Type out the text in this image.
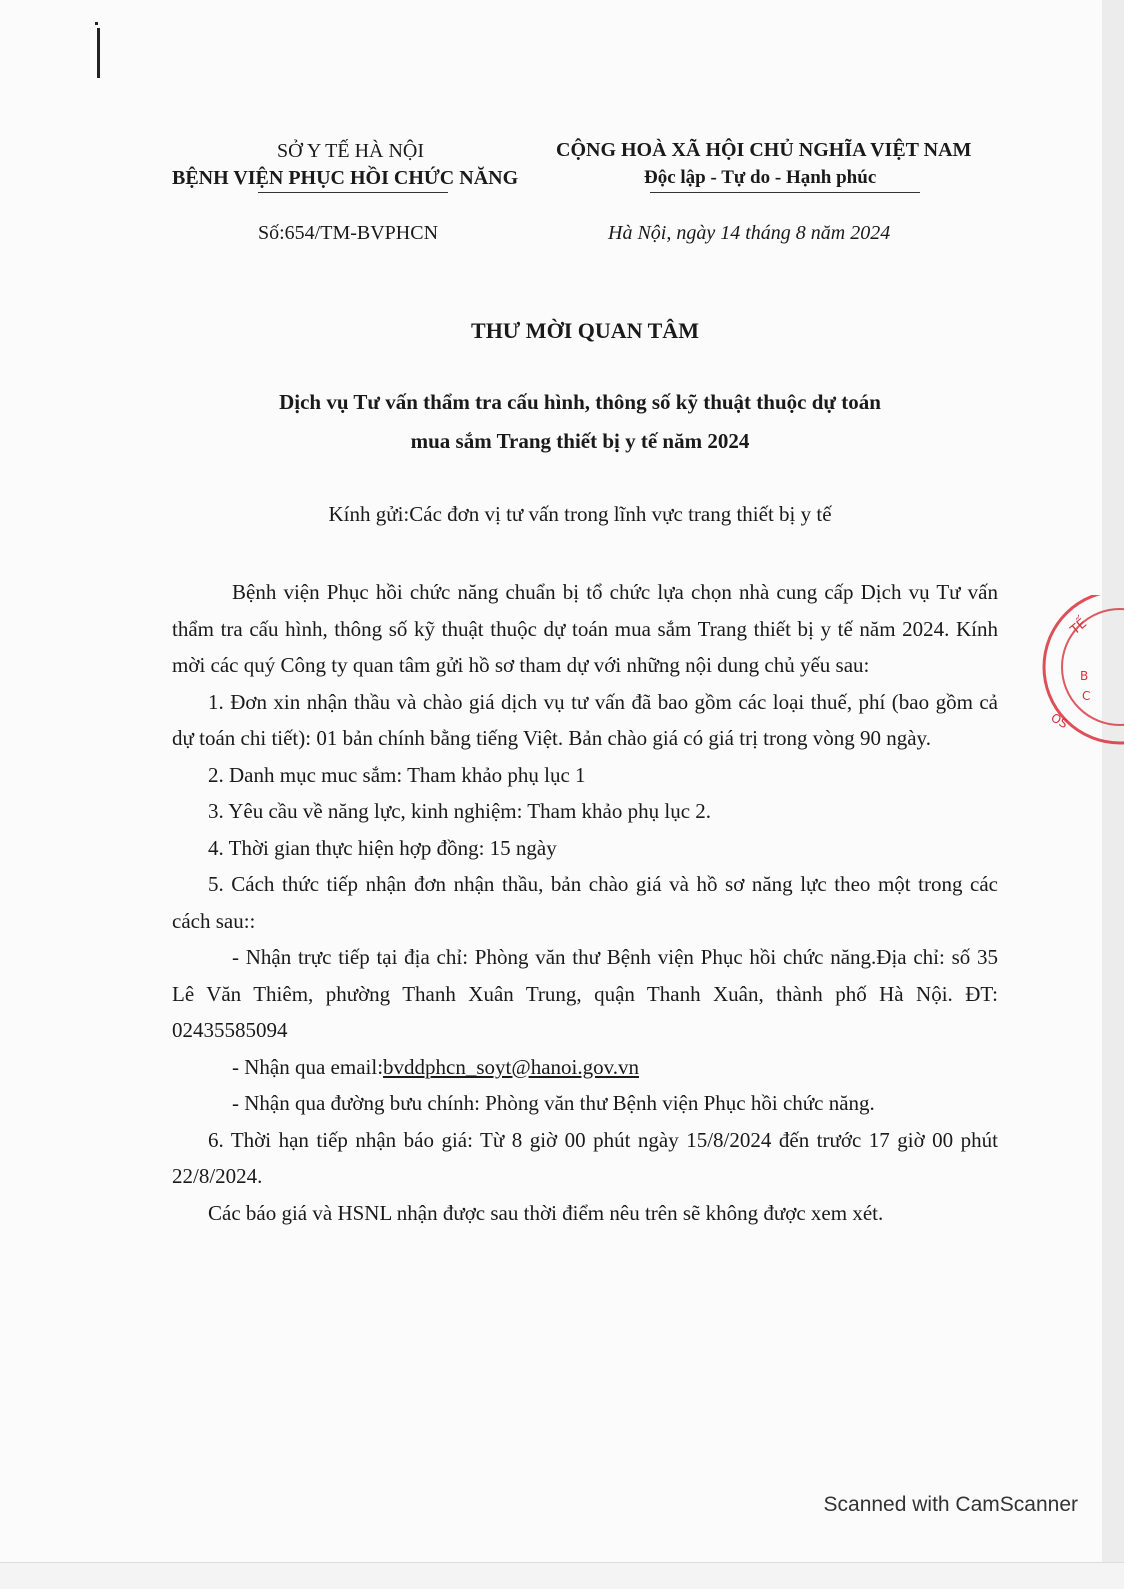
SỞ Y TẾ HÀ NỘI
BỆNH VIỆN PHỤC HỒI CHỨC NĂNG
CỘNG HOÀ XÃ HỘI CHỦ NGHĨA VIỆT NAM
Độc lập - Tự do - Hạnh phúc
Số:654/TM-BVPHCN	Hà Nội, ngày 14 tháng 8 năm 2024
THƯ MỜI QUAN TÂM
Dịch vụ Tư vấn thẩm tra cấu hình, thông số kỹ thuật thuộc dự toán
mua sắm Trang thiết bị y tế năm 2024
Kính gửi:Các đơn vị tư vấn trong lĩnh vực trang thiết bị y tế

Bệnh viện Phục hồi chức năng chuẩn bị tổ chức lựa chọn nhà cung cấp Dịch vụ Tư vấn thẩm tra cấu hình, thông số kỹ thuật thuộc dự toán mua sắm Trang thiết bị y tế năm 2024. Kính mời các quý Công ty quan tâm gửi hồ sơ tham dự với những nội dung chủ yếu sau:

1. Đơn xin nhận thầu và chào giá dịch vụ tư vấn đã bao gồm các loại thuế, phí (bao gồm cả dự toán chi tiết): 01 bản chính bằng tiếng Việt. Bản chào giá có giá trị trong vòng 90 ngày.

2. Danh mục muc sắm: Tham khảo phụ lục 1

3. Yêu cầu về năng lực, kinh nghiệm: Tham khảo phụ lục 2.

4. Thời gian thực hiện hợp đồng: 15 ngày

5. Cách thức tiếp nhận đơn nhận thầu, bản chào giá và hồ sơ năng lực theo một trong các cách sau::

- Nhận trực tiếp tại địa chỉ: Phòng văn thư Bệnh viện Phục hồi chức năng.Địa chỉ: số 35 Lê Văn Thiêm, phường Thanh Xuân Trung, quận Thanh Xuân, thành phố Hà Nội. ĐT: 02435585094

- Nhận qua email:bvddphcn_soyt@hanoi.gov.vn

- Nhận qua đường bưu chính: Phòng văn thư Bệnh viện Phục hồi chức năng.

6. Thời hạn tiếp nhận báo giá: Từ 8 giờ 00 phút ngày 15/8/2024 đến trước 17 giờ 00 phút 22/8/2024.

Các báo giá và HSNL nhận được sau thời điểm nêu trên sẽ không được xem xét.

TẾ
B
C
OS
Scanned with CamScanner
